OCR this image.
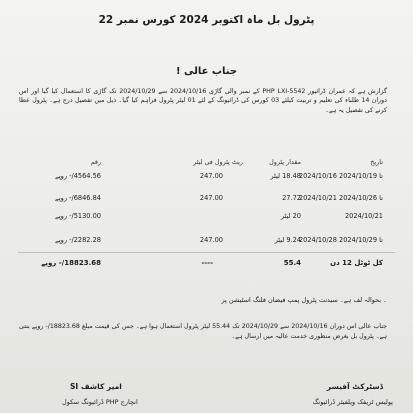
پٹرول بل ماہ اکتوبر 2024 کورس نمبر 22
جناب عالی !
گزارش ہے کہ عمران ڈرائیور PHP LXI-5542 کے نمبر والی گاڑی 2024/10/16 سے 2024/10/29 تک گاڑی کا استعمال کیا گیا اور اس دوران 14 طلباء کی تعلیم و تربیت کیلئے 03 کورس کی ڈرائیونگ کے لئے 01 لیٹر پٹرول فراہم کیا گیا۔ ذیل میں تفصیل درج ہے۔ پٹرول عطا کرنے کی تفصیل یہ ہے۔
تاریخ
مقدار پٹرول
ریٹ پٹرول فی لیٹر
رقم
2024/10/16 تا 2024/10/19
18.48 لیٹر
247.00
4564.56/- روپے
2024/10/21 تا 2024/10/26
27.72
247.00
6846.84/- روپے
2024/10/21
20 لیٹر
5130.00/- روپے
2024/10/28 تا 2024/10/29
9.24 لیٹر
247.00
2282.28/- روپے
کل ٹوٹل 12 دن
55.4
----
18823.68/- روپے
۔ بحوالہ لف ہے۔ سیدنت پٹرول پمپ فیضان فلنگ اسٹیشن پر
جناب عالی اس دوران 2024/10/16 سے 2024/10/29 تک 55.44 لیٹر پٹرول استعمال ہوا ہے۔ جس کی قیمت مبلغ 18823.68/- روپے بنتی ہے۔ پٹرول بل بغرض منظوری خدمت عالیہ میں ارسال ہے۔
ڈسٹرکٹ آفیسر
پولیس ٹریفک ویلفیئر ڈرائیونگ
امیر کاشف SI
انچارج PHP ڈرائیونگ سکول
